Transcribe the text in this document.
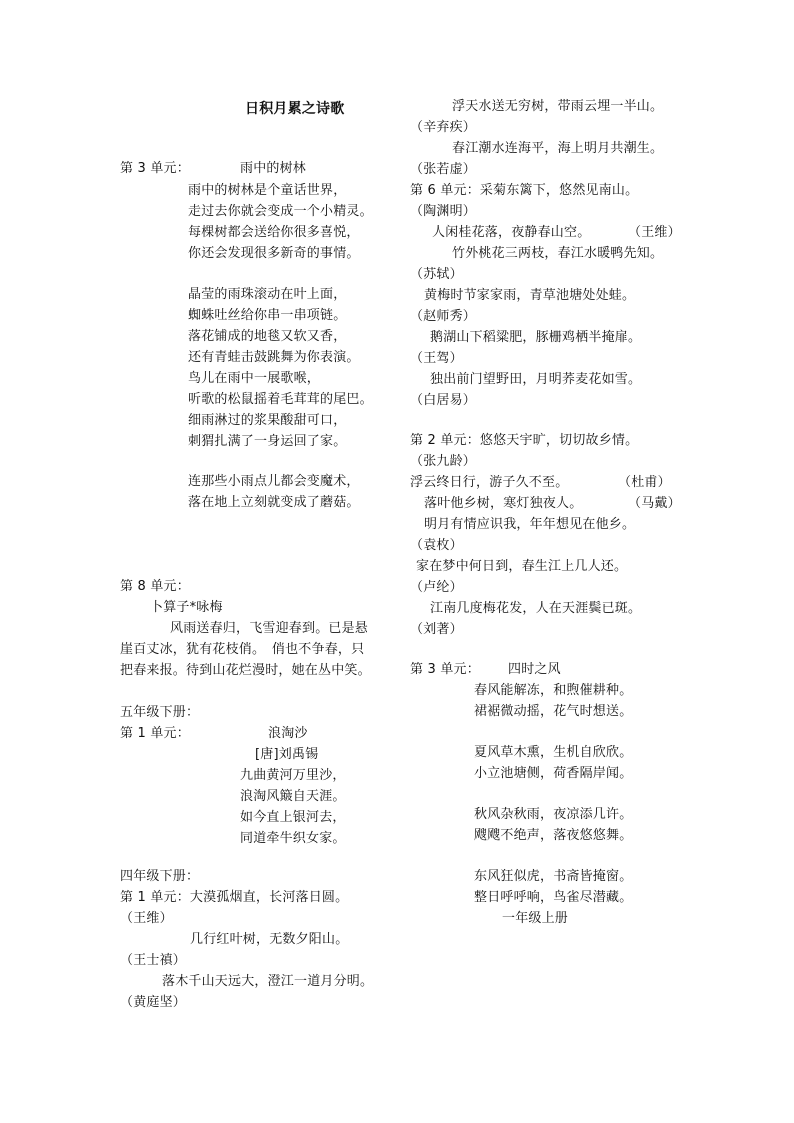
日积月累之诗歌
第 3 单元：	雨中的树林
雨中的树林是个童话世界，
走过去你就会变成一个小精灵。
每棵树都会送给你很多喜悦，
你还会发现很多新奇的事情。
晶莹的雨珠滚动在叶上面，
蜘蛛吐丝给你串一串项链。
落花铺成的地毯又软又香，
还有青蛙击鼓跳舞为你表演。
鸟儿在雨中一展歌喉，
听歌的松鼠摇着毛茸茸的尾巴。
细雨淋过的浆果酸甜可口，
刺猬扎满了一身运回了家。
连那些小雨点儿都会变魔术，
落在地上立刻就变成了蘑菇。
第 8 单元：
卜算子*咏梅
风雨送春归，飞雪迎春到。已是悬
崖百丈冰，犹有花枝俏。　俏也不争春，只
把春来报。待到山花烂漫时，她在丛中笑。
五年级下册：
第 1 单元：	浪淘沙
[唐]刘禹锡
九曲黄河万里沙，
浪淘风簸自天涯。
如今直上银河去，
同道牵牛织女家。
四年级下册：
第 1 单元：大漠孤烟直，长河落日圆。
（王维）
几行红叶树，无数夕阳山。
（王士禛）
落木千山天远大，澄江一道月分明。
（黄庭坚）
浮天水送无穷树，带雨云埋一半山。
（辛弃疾）
春江潮水连海平，海上明月共潮生。
（张若虚）
第 6 单元：采菊东篱下，悠然见南山。
（陶渊明）
人闲桂花落，夜静春山空。	（王维）
竹外桃花三两枝，春江水暖鸭先知。
（苏轼）
黄梅时节家家雨，青草池塘处处蛙。
（赵师秀）
鹅湖山下稻粱肥，豚栅鸡栖半掩扉。
（王驾）
独出前门望野田，月明荞麦花如雪。
（白居易）
第 2 单元：悠悠天宇旷，切切故乡情。
（张九龄）
浮云终日行，游子久不至。	（杜甫）
落叶他乡树，寒灯独夜人。	（马戴）
明月有情应识我，年年想见在他乡。
（袁枚）
家在梦中何日到，春生江上几人还。
（卢纶）
江南几度梅花发，人在天涯鬓已斑。
（刘著）
第 3 单元： 四时之风
春风能解冻，和煦催耕种。
裙裾微动摇，花气时想送。
夏风草木熏，生机自欣欣。
小立池塘侧，荷香隔岸闻。
秋风杂秋雨，夜凉添几许。
飕飕不绝声，落夜悠悠舞。
东风狂似虎，书斋皆掩窗。
整日呼呼响，鸟雀尽潜藏。
一年级上册
